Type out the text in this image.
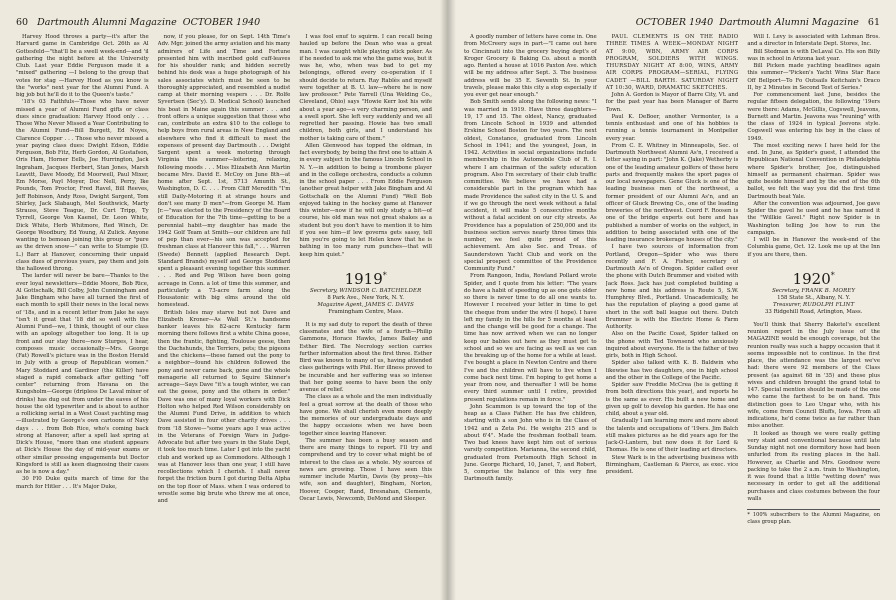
60 Dartmouth Alumni Magazine OCTOBER 1940

Harvey Hood throws a party—it's after the Harvard game in Cambridge Oct. 26th as Al Gottesfeld—"that'll be a swell week-end—and 'il gathering the night before at the University Club. Last year Eddie Ferguson made it a "mixed" gathering —I belong to the group that votes for stag —Harvey Hood as you know is the "works" next year for the Alumni Fund. A big job but he'll do it to the Queen's taste."

'18's 03 Faithfuls—Those who have never missed a year of Alumni Fund gifts or class dues since graduation: Harvey Hood only . . . Those Who Never Missed a Year Contributing to the Alumni Fund—Bill Burgett, Ed Noyes, Clarence Copper . . . Those who never missed a year paying class dues: Dwight Edson, Eddie Ferguson, Bob Fitz, Herb Gordon, Al Gustafson, Oris Ham, Horner Eells, Joe Hurrington, Jack Ingraham, Jacques Herbert, Stan Jones, Marsh Leavitt, Dave Moody, Ed Moorwell, Paul Mixer, Em Morse, Payl Moyer, Doc Nell, Perry, Ike Pounds, Tom Proctor, Fred Ravel, Bill Reeves, Jeff Robinson, Andy Ross, Dwight Sargent, Tom Shirley, Jack Slabaugh, Mel Southwick, Marty Strauss, Steve Teague, Dr. Curt Tripp, Ty Tyrrell, George Von Kaenel, Dr. Leon White, Dick White, Herb Whitmore, Red Winch, Dr. George Woodbury, Ed Young, Al Zulick. Anyone wanting to bemoan joining this group or "pure as the driven snow—" can write to Stumpie (D. L.) Barr at Hanover, concerning their unpaid class dues of previous years, pay them and join the hallowed throng.

The larder will never be bare—Thanks to the ever loyal newsletters—Eddie Moore, Bob Rice, Al Gottschalk, Bill Colby, John Cunningham and Jake Bingham who have all turned the first of each month to spill their news in the local news of '18s, and in a recent letter from Jake he says "isn't it great that '18 did so well with the Alumni Fund—we, I think, thought of our class with an apology altogether too long. It is up front and our stay there—now Sturges, I hear, composes music occasionally—Mrs. George (Fat) Rowell's picture was in the Boston Herald in July with a group of Republican women." Mary Stoddard and Gardiner (the Killer) have staged a rapid comeback after getting "off center" returning from Havana on the Kungsholm—George (dripless De Laval mixer of drinks) has dug out from under the eaves of his house the old typewriter and is about to author a rollicking serial in a West Coast yachting mag—illustrated by George's own cartoons of Navy days . . . from Bob Rice, who's coming back strong at Hanover, after a spell last spring at Dick's House, "more than one student appears at Dick's House the day of mid-year exams or other similar pressing engagements but Doctor Kingsford is still as keen diagnosing their cases as he is now a day."

30 Fl0 Duke quits march of time for the march for Hitler . . . It's Major Duke,

now, if you please, for on Sept. 14th Time's Adv. Mgr. joined the army aviation and his many admirers of Life and Time and Fortune presented him with inscribed gold cuff-leaves for his shoulder rank; and hidden secretly behind his desk was a huge photograph of his sales associates which must be seen to be thoroughly appreciated, and resembled a nudist camp at their morning vespers . . . Dr. Rolfe Syvertsen (Sec'y). D. Medical School) launched his boat in Maine again this summer . . . and front offers a unique suggestion that those who can, contribute an extra $10 to the college to help boys from rural areas in New England and elsewhere who find it difficult to meet the expenses of present day Dartmouth . . . Dwight Sargent spent a week motoring through Virginia this summer—loitering, relaxing, following moods . . . Miss Elizabeth Ann Martin became Mrs. David E. McCoy on June 8th—at home after Sept. 1st, 5713 Amunth St., Washington, D. C. . . . From Cliff Meredith "I'm still Daily-Motoring it at strange hours and don't see many D men"—from George M. Ham Jr.—"was elected to the Presidency of the Board of Education for the 7th time—getting to be a perennial habit—my daughter has made the 1942 Golf Team at Smith—our children are full of pep than ever—his son was accepted for freshman class at Hanover this fall," . . . Warren (Swede) Bennett (applied Research Dept. Standard Brands) myself and George Stoddard spent a pleasant evening together this summer. . . . Red and Peg Wilson have been going acreage in Conn. a lot of time this summer, and particularly a 73-acre farm along the Housatonic with big elms around the old homestead.

British Isles may starve but not Dave and Elizabeth Kroner—As Wall St.'s handsome banker leaves his 82-acre Kentucky farm morning there follows first a white China goose, then the frantic, fighting, Toulouse geese, then the Dachshunds, the Terriers, pets; the pigeons and the chickens—these famed out the pony to a neighbor—found his children followed the pony and never came back, gone and the whole menagerie all returned to Squire Skinner's acreage—Says Dave "it's a tough winter, we can eat the geese, pony and the others in order." Dave was one of many loyal workers with Dick Holton who helped Red Wilson considerably on the Alumni Fund Drive, in addition to which Dave assisted in four other charity drives . . . from '18 Stowe—"some years ago I was active in the Veterans of Foreign Wars in Judge-Advocate but after two years in the State Dept, it took too much time. Later I got into the yacht club and worked up as Commodore. Although I was at Hanover less than one year, I still have recollections which I cherish. I shall never forget the friction burn I got during Delta Alpha on the top floor of Mass. when I was ordered to wrestle some big brute who threw me at once, and

I was fool enuf to squirm. I can recall being hauled up before the Dean who was a great man. I was caught while playing stick poker. As if he needed to ask me who the game was, but it was he, who, when was bad to get my belongings, offered every co-operation if I should decide to return. Ray Rablès and myself were together at B. U. law—where he is now law professor." Pete Yarrell (Una Welding Co., Cleveland, Ohio) says "Howie Kerr lost his wife about a year ago—a very charming person, and a swell sport. She left very suddenly and we all regretted her passing. Howie has two small children, both girls, and I understand his mother is taking care of them."

Allen Glenwood has topped the oldman, in fact everybody, by being the first one to attain A in every subject in the famous Lincoln School in N. Y.—in addition to being a trombone player and in the college orchestra, conducts a column in the school paper . . . From Eddie Ferguson (another great helper with Jake Bingham and Al Gottschalk on the Alumni Fund) "Well Bob enjoyed taking in the hockey game at Hanover this winter—now if he will only study a bit—of course, his old man was not great shakes as a student but you don't have to mention it to him if you see him—if lew governs gets sassy, tell him you're going to let Helen know that he is bathing in too many rum punches—that will keep him quiet."

1919*
Secretary, WINDSOR C. BATCHELDER
8 Park Ave., New York, N. Y.
Magazine Agent, JAMES C. DAVIS
Framingham Centre, Mass.

It is my sad duty to report the death of three classmates and the wife of a fourth—Philip Gammons, Horace Hawks, James Bailey and Esther Bird. The Necrology section carries further information about the first three. Esther Bird was known to many of us, having attended class gatherings with Phil. Her illness proved to be incurable and her suffering was so intense that her going seems to have been the only avenue of relief.

The class as a whole and the men individually feel a great sorrow at the death of those who have gone. We shall cherish even more deeply the memories of our undergraduate days and the happy occasions when we have been together since leaving Hanover.

The summer has been a busy season and there are many things to report. I'll try and comprehend and try to cover what might be of interest to the class as a whole. My sources of news are growing. Those I have seen this summer include Martin, Davis (by proxy—his wife, son and daughter), Bingham, Norton, Hoover, Cooper, Rand, Bresnahan, Clements, Oscar Lewis, Newcomb, DeMond and Sleeper.

OCTOBER 1940 Dartmouth Alumni Magazine 61

A goodly number of letters have come in. One from McCreery says in part—"I came out here to Cincinnati into the grocery buying dept's of Kroger Grocery & Baking Co. about a month ago. Rented a house at 1016 Paxton Ave. which will be my address after Sept. 3. The business address will be 35 E. Seventh St. In your travels, please make this city a stop especially if you ever get near enough."

Bob Smith sends along the following news: "I was married in 1919. Have three daughters—19, 17 and 15. The oldest, Nancy, graduated from Lincoln School in 1939 and attended Erskine School Boston for two years. The next oldest, Constance, graduated from Lincoln School in 1941; and the youngest, Joan, in 1942. Activities in social organizations include membership in the Automobile Club of R. I. where I am chairman of the safety education program. Also I'm secretary of their club traffic committee. We believe we have had a considerable part in the program which has made Providence the safest city in the U. S. and if we go through the next week without a fatal accident, it will make 5 consecutive months without a fatal accident on our city streets. As Providence has a population of 250,000 and its business section serves nearly three times this number, we feel quite proud of this achievement. Am also Sec. and Treas. of Saunderstown Yacht Club and work on the special prospect committee of the Providence Community Fund."

From Rangoon, India, Rowland Pollard wrote Spider, and I quote from his letter: "The years do have a habit of speeding up as one gets older so there is never time to do all one wants to. However I received your letter in time to get the cheque from under the wire (I hope). I have left my family in the hills for 5 months at least and the change will be good for a change. The time has now arrived when we can no longer keep our babies out here as they must get to school and so we are facing as well as we can the breaking up of the home for a while at least. I've bought a place in Newton Centre and there I've and the children will have to live when I come back next time. I'm hoping to get home a year from now, and thereafter I will be home every third summer until I retire, provided present regulations remain in force."

John Scammon is up toward the top of the heap as a Class Father. He has five children, starting with a son John who is in the Class of 1942 and a Zeta Psi. He weighs 215 and is about 6'4". Made the freshman football team. Two bad knees have kept him out of serious varsity competition. Marianna, the second child, graduated from Portsmouth High School in June. George Richard, 10, Janet, 7, and Robert, 5, comprise the balance of this very fine Dartmouth family.

PAUL CLEMENTS IS ON THE RADIO THREE TIMES A WEEK—MONDAY NIGHT AT 9:00, WBN, ARMY AIR CORPS PROGRAM, SOLDIERS WITH WINGS. THURSDAY NIGHT AT 8:00, WINS, ARMY AIR CORPS PROGRAM—SERIAL, FLYING CADET —BILL BARTH. SATURDAY NIGHT AT 10:30, WARD, DRAMATIC SKETCHES.

John A. Gordon is Mayor of Barre City, Vt. and for the past year has been Manager of Barre Town.

Paul K. DeBoer, another Vermonter, is a tennis enthusiast and one of his hobbies is running a tennis tournament in Montpelier every year.

From C. E. Whitney in Minneapolis, Sec. of Dartmouth Northwest Alumni As'n, I received a letter saying in part: "John K. (Jake) Wetherby is one of the leading amateur golfers of these here parts and frequently makes the sport pages of our local newspapers. Gene Gluck is one of the leading business men of the northwest, a former president of our Alumni As'n, and an officer of Gluck Brewing Co., one of the leading breweries of the northwest. Coord F. Roosen is one of the bridge experts out here and has published a number of works on the subject, in addition to being associated with one of the leading insurance brokerage houses of the city."

I have two sources of information from Portland, Oregon—Spider who was there recently and F. A. Fisher, secretary of Dartmouth As'n of Oregon. Spider called over the phone with Dutch Brummer and visited with Jack Ross. Jack has just completed building a new home and his address is Route 5, S.W. Humphrey Blvd., Portland. Unacademically, he has the reputation of playing a good game at short in the soft ball league out there. Dutch Brummer is with the Electric Home & Farm Authority.

Also on the Pacific Coast, Spider talked on the phone with Ted Townsend who anxiously inquired about everyone. He is the father of two girls, both in High School.

Spider also talked with K. B. Baldwin who likewise has two daughters, one in high school and the other in the College of the Pacific.

Spider saw Freddie McCrea (he is getting it from both directions this year), and reports he is the same as ever. His built a new home and given up golf to develop his garden. He has one child, about a year old.

Gradually I am learning more and more about the talents and occupations of '19ers. Jim Balch still makes pictures as he did years ago for the Jack-O-Lantern, but now does it for Lord & Thomas. He is one of their leading art directors.

Stew Wark is in the advertising business with Birmingham, Castleman & Pierce, as exec. vice president.

Will I. Levy is associated with Lehman Bros. and a director in Interstate Dept. Stores, Inc.

Bill Stedman is with DeLaval Co. His son Billy was in school in Arizona last year.

Bill Picken made yachting headlines again this summer—"Picken's Yacht Wins Star Race Off Bellport—To Fo Outsails Keitchain's Draco II, by 2 Minutes in Second Test of Series."

For commencement last June, besides the regular fifteen delegation, the following '19ers were there: Adams, McGillis, Cogswell, Jeavons, Burnett and Martin. Jeavons was "reuning" with the class of 1924 in typical Jeevons style. Cogswell was entering his boy in the class of 1949.

The most exciting news I have held for the end. In June, as Spider's guest, I attended the Republican National Convention in Philadelphia where Spider's brother, Joe, distinguished himself as permanent chairman. Spider was quite beside himself and by the end of the 6th ballot, we felt the way you did the first time Dartmouth beat Yale.

After the convention was adjourned, Joe gave Spider the gavel he used and he has named it the "Willkie Gavel." Right now Spider is in Washington telling Joe how to run the campaign.

I will be in Hanover the week-end of the Columbia game, Oct. 12. Look me up at the Inn if you are there, then.

1920*
Secretary, FRANK B. MOREY
158 State St., Albany, N. Y.
Treasurer, RUDOLPH FLINT
33 Ridgehill Road, Arlington, Mass.

You'll think that Sherry Baketel's excellent reunion report in the July issue of the MAGAZINE would be enough coverage, but the reunion really was such a happy occasion that it seems impossible not to continue. In the first place, the attendance was the largest we've had: there were 92 members of the Class present (as against 68 in '35) and these plus wives and children brought the grand total to 147. Special mention should be made of the one who came the farthest to be on hand. This distinction goes to Leo Ungar who, with his wife, come from Council Bluffs, Iowa. From all indications, he'd come twice as far rather than miss another.

It looked as though we were really getting very staid and conventional because until late Sunday night not one dormitory hose had been unfurled from its resting places in the hall. However, as Charlie and Mrs. Goodnow were packing to take the 2 a.m. train to Washington, it was found that a little "wetting down" was necessary in order to get all the additional purchases and class costumes between the four walls

* 100% subscribers to the Alumni Magazine, on class group plan.
